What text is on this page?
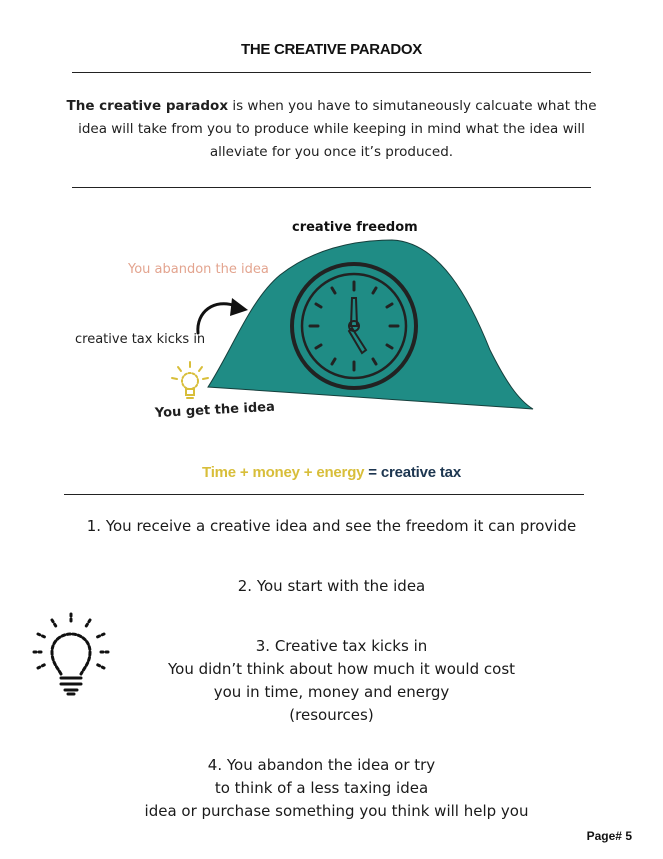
THE CREATIVE PARADOX
The creative paradox is when you have to simutaneously calcuate what the idea will take from you to produce while keeping in mind what the idea will alleviate for you once it’s produced.
creative freedom
You abandon the idea
creative tax kicks in
You get the idea
Time + money + energy = creative tax
1. You receive a creative idea and see the freedom it can provide
2. You start with the idea
3. Creative tax kicks in
You didn’t think about how much it would cost
you in time, money and energy
(resources)
4. You abandon the idea or try
to think of a less taxing idea
idea or purchase something you think will help you
Page# 5
